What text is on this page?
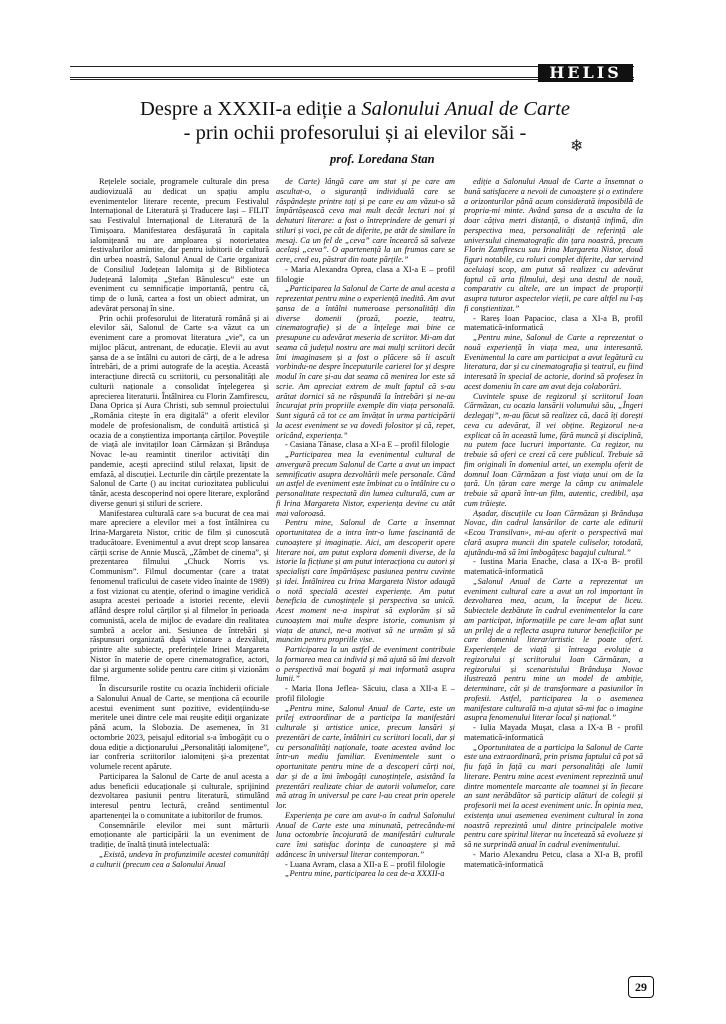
HELIS
Despre a XXXII-a ediție a Salonului Anual de Carte
- prin ochii profesorului și ai elevilor săi -
❄
prof. Loredana Stan

Rețelele sociale, programele culturale din presa audiovizuală au dedicat un spațiu amplu evenimentelor literare recente, precum Festivalul Internațional de Literatură și Traducere Iași – FILIT sau Festivalul Internațional de Literatură de la Timișoara. Manifestarea desfășurată în capitala ialomițeană nu are amploarea și notorietatea festivalurilor amintite, dar pentru iubitorii de cultură din urbea noastră, Salonul Anual de Carte organizat de Consiliul Județean Ialomița și de Biblioteca Județeană Ialomița „Ștefan Bănulescu” este un eveniment cu semnificație importantă, pentru că, timp de o lună, cartea a fost un obiect admirat, un adevărat personaj în sine.

Prin ochii profesorului de literatură română și ai elevilor săi, Salonul de Carte s-a văzut ca un eveniment care a promovat literatura „vie”, ca un mijloc plăcut, antrenant, de educație. Elevii au avut șansa de a se întâlni cu autori de cărți, de a le adresa întrebări, de a primi autografe de la aceștia. Această interacțiune directă cu scriitorii, cu personalități ale culturii naționale a consolidat înțelegerea și aprecierea literaturii. Întâlnirea cu Florin Zamfirescu, Dana Oprica și Aura Christi, sub semnul proiectului „România citește în era digitală” a oferit elevilor modele de profesionalism, de conduită artistică și ocazia de a conștientiza importanța cărților. Poveștile de viață ale invitaților Ioan Cărmăzan și Brândușa Novac le-au reamintit tinerilor activități din pandemie, acești apreciind stilul relaxat, lipsit de emfază, al discuției. Lecturile din cărțile prezentate la Salonul de Carte () au incitat curiozitatea publicului tânăr, acesta descoperind noi opere literare, explorând diverse genuri și stiluri de scriere.

Manifestarea culturală care s-a bucurat de cea mai mare apreciere a elevilor mei a fost întâlnirea cu Irina-Margareta Nistor, critic de film și cunoscută traducătoare. Evenimentul a avut drept scop lansarea cărții scrise de Annie Muscă, „Zâmbet de cinema”, și prezentarea filmului „Chuck Norris vs. Communism”. Filmul documentar (care a tratat fenomenul traficului de casete video înainte de 1989) a fost vizionat cu atenție, oferind o imagine veridică asupra acestei perioade a istoriei recente, elevii aflând despre rolul cărților și al filmelor în perioada comunistă, acela de mijloc de evadare din realitatea sumbră a acelor ani. Sesiunea de întrebări și răspunsuri organizată după vizionare a dezvăluit, printre alte subiecte, preferințele Irinei Margareta Nistor în materie de opere cinematografice, actori, dar și argumente solide pentru care citim și vizionăm filme.

În discursurile rostite cu ocazia închiderii oficiale a Salonului Anual de Carte, se menționa că ecourile acestui eveniment sunt pozitive, evidențiindu-se meritele unei dintre cele mai reușite ediții organizate până acum, la Slobozia. De asemenea, în 31 octombrie 2023, peisajul editorial s-a îmbogățit cu o doua ediție a dicționarului „Personalități ialomițene”, iar confreria scriitorilor ialomițeni și-a prezentat volumele recent apărute.

Participarea la Salonul de Carte de anul acesta a adus beneficii educaționale și culturale, sprijinind dezvoltarea pasiunii pentru literatură, stimulând interesul pentru lectură, creând sentimentul apartenenței la o comunitate a iubitorilor de frumos.

Consemnările elevilor mei sunt mărturii emoționante ale participării la un eveniment de tradiție, de înaltă ținută intelectuală:

„Există, undeva în profunzimile acestei comunități a culturii (precum cea a Salonului Anual

de Carte) lângă care am stat și pe care am ascultat-o, o siguranță individuală care se răspândește printre toți și pe care eu am văzut-o să împărtășească ceva mai mult decât lecturi noi și dehuturi literare: a fost o întreprindere de genuri și stiluri și voci, pe cât de diferite, pe atât de similare în mesaj. Ca un fel de „ceva” care încearcă să salveze același „ceva”. O apartenență la un frumos care se cere, cred eu, păstrat din toate părțile.”

- Maria Alexandra Oprea, clasa a XI-a E – profil filologie

„Participarea la Salonul de Carte de anul acesta a reprezentat pentru mine o experiență inedită. Am avut șansa de a întâlni numeroase personalități din diverse domenii (proză, poezie, teatru, cinematografie) și de a înțelege mai bine ce presupune cu adevărat meseria de scriitor. Mi-am dat seama că județul nostru are mai mulți scriitori decât îmi imaginasem și a fost o plăcere să îi ascult vorbindu-ne despre începuturile carierei lor și despre modul în care și-au dat seama că menirea lor este să scrie. Am apreciat extrem de mult faptul că s-au arătat dornici să ne răspundă la întrebări și ne-au încurajat prin propriile exemple din viața personală. Sunt sigură că tot ce am învățat în urma participării la acest eveniment se va dovedi folositor și că, repet, oricând, experiența.”

- Casiana Tănase, clasa a XI-a E – profil filologie

„Participarea mea la evenimentul cultural de anvergură precum Salonul de Carte a avut un impact semnificativ asupra dezvoltării mele personale. Când un astfel de eveniment este îmbinat cu o întâlnire cu o personalitate respectată din lumea culturală, cum ar fi Irina Margareta Nistor, experiența devine cu atât mai valoroasă.

Pentru mine, Salonul de Carte a însemnat oportunitatea de a intra într-o lume fascinantă de cunoaștere și imaginație. Aici, am descoperit opere literare noi, am putut explora domenii diverse, de la istorie la ficțiune și am putut interacționa cu autori și specialiști care împărtășesc pasiunea pentru cuvinte și idei. Întâlnirea cu Irina Margareta Nistor adaugă o notă specială acestei experiențe. Am putut beneficia de cunoștințele și perspectiva sa unică. Acest moment ne-a inspirat să explorăm și să cunoaștem mai multe despre istorie, comunism și viața de atunci, ne-a motivat să ne urmăm și să muncim pentru propriile vise.

Participarea la un astfel de eveniment contribuie la formarea mea ca individ și mă ajută să îmi dezvolt o perspectivă mai bogată și mai informată asupra lumii.”

- Maria Ilona Jeflea- Săcuiu, clasa a XII-a E – profil filologie

„Pentru mine, Salonul Anual de Carte, este un prilej extraordinar de a participa la manifestări culturale și artistice unice, precum lansări și prezentări de carte, întâlniri cu scriitori locali, dar și cu personalități naționale, toate acestea având loc într-un mediu familiar. Evenimentele sunt o oportunitate pentru mine de a descoperi cărți noi, dar și de a îmi îmbogăți cunoștințele, asistând la prezentări realizate chiar de autorii volumelor, care mă atrag în universul pe care l-au creat prin operele lor.

Experiența pe care am avut-o în cadrul Salonului Anual de Carte este una minunată, petrecându-mi luna octombrie încojurată de manifestări culturale care îmi satisfac dorința de cunoaștere și mă adâncesc în universul literar contemporan.”

- Luana Avram, clasa a XII-a E – profil filologie

„Pentru mine, participarea la cea de-a XXXII-a

ediție a Salonului Anual de Carte a însemnat o bună satisfacere a nevoii de cunoaștere și o extindere a orizonturilor până acum considerată imposibilă de propria-mi minte. Având șansa de a asculta de la doar câțiva metri distanță, o distanță infimă, din perspectiva mea, personalități de referință ale universului cinematografic din țara noastră, precum Florin Zamfirescu sau Irina Margareta Nistor, două figuri notabile, cu roluri complet diferite, dar servind aceluiași scop, am putut să realizez cu adevărat faptul că arta filmului, deși una destul de nouă, comparativ cu altele, are un impact de proporții asupra tuturor aspectelor vieții, pe care altfel nu l-aș fi conștientizat.”

- Rareș Ioan Papacioc, clasa a XI-a B, profil matematică-informatică

„Pentru mine, Salonul de Carte a reprezentat o nouă experiență în viața mea, una interesantă. Evenimentul la care am participat a avut legătură cu literatura, dar și cu cinematografia și teatrul, eu fiind interesată în special de actorie, dorind să profesez în acest domeniu în care am avut deja colaborări.

Cuvintele spuse de regizorul și scriitorul Ioan Cărmăzan, cu ocazia lansării volumului său, „Îngeri dezlegați”, m-au făcut să realizez că, dacă îți dorești ceva cu adevărat, îl vei obține. Regizorul ne-a explicat că în această lume, fără muncă și disciplină, nu putem face lucruri importante. Ca regizor, nu trebuie să oferi ce crezi că cere publicul. Trebuie să fim originali în domeniul artei, un exemplu oferit de domnul Ioan Cărmăzan a fost viața unui om de la țară. Un țăran care merge la câmp cu animalele trebuie să apară într-un film, autentic, credibil, așa cum trăiește.

Așadar, discuțiile cu Ioan Cărmăzan și Brândușa Novac, din cadrul lansărilor de carte ale editurii «Ecou Transilvan», mi-au oferit o perspectivă mai clară asupra muncii din spatele culiselor, totodată, ajutându-mă să îmi îmbogățesc bagajul cultural.”

- Iustina Maria Enache, clasa a IX-a B- profil matematică-informatică

„Salonul Anual de Carte a reprezentat un eveniment cultural care a avut un rol important în dezvoltarea mea, acum, la început de liceu. Subiectele dezbătute în cadrul evenimentelor la care am participat, informațiile pe care le-am aflat sunt un prilej de a reflecta asupra tuturor beneficiilor pe care domeniul literar/artistic le poate oferi. Experiențele de viață și întreaga evoluție a regizorului și scriitorului Ioan Cărmăzan, a regizorului și scenaristului Brândușa Novac ilustrează pentru mine un model de ambiție, determinare, cât și de transformare a pasiunilor în profesii. Astfel, participarea la o asemenea manifestare culturală m-a ajutat să-mi fac o imagine asupra fenomenului literar local și național.”

- Iulia Mayada Mușat, clasa a IX-a B - profil matematică-informatică

„Oportunitatea de a participa la Salonul de Carte este una extraordinară, prin prisma faptului că pot să fiu față în față cu mari personalități ale lumii literare. Pentru mine acest eveniment reprezintă unul dintre momentele marcante ale toamnei și în fiecare an sunt nerăbdător să particip alături de colegii și profesorii mei la acest eveniment unic. În opinia mea, existența unui asemenea eveniment cultural în zona noastră reprezintă unul dintre principalele motive pentru care spiritul literar nu încetează să evolueze și să ne surprindă anual în cadrul evenimentului.

- Mario Alexandru Petcu, clasa a XI-a B, profil matematică-informatică

29
